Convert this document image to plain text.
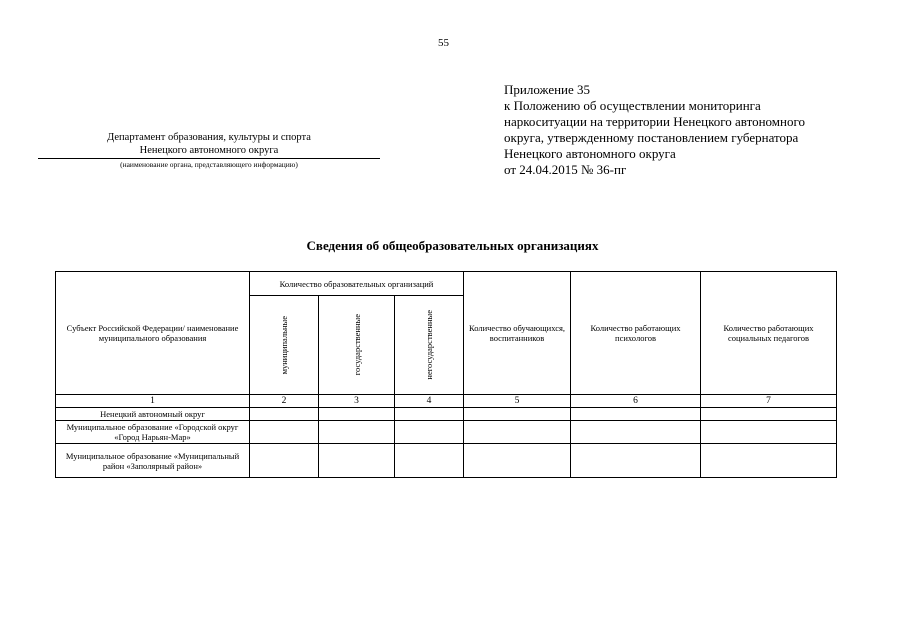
55
Приложение 35
к Положению об осуществлении мониторинга
наркоситуации на территории Ненецкого автономного
округа, утвержденному постановлением губернатора
Ненецкого автономного округа
от 24.04.2015 № 36-пг
Департамент образования, культуры и спорта
Ненецкого автономного округа
(наименование органа, представляющего информацию)
Сведения об общеобразовательных организациях
Субъект Российской Федерации/ наименование муниципального образования	Количество образовательных организаций			Количество обучающихся, воспитанников	Количество работающих психологов	Количество работающих социальных педагогов

	муниципальные	государственные	негосударственные			

1	2	3	4	5	6	7
Ненецкий автономный округ						
Муниципальное образование «Городской округ «Город Нарьян-Мар»						
Муниципальное образование «Муниципальный район «Заполярный район»						
